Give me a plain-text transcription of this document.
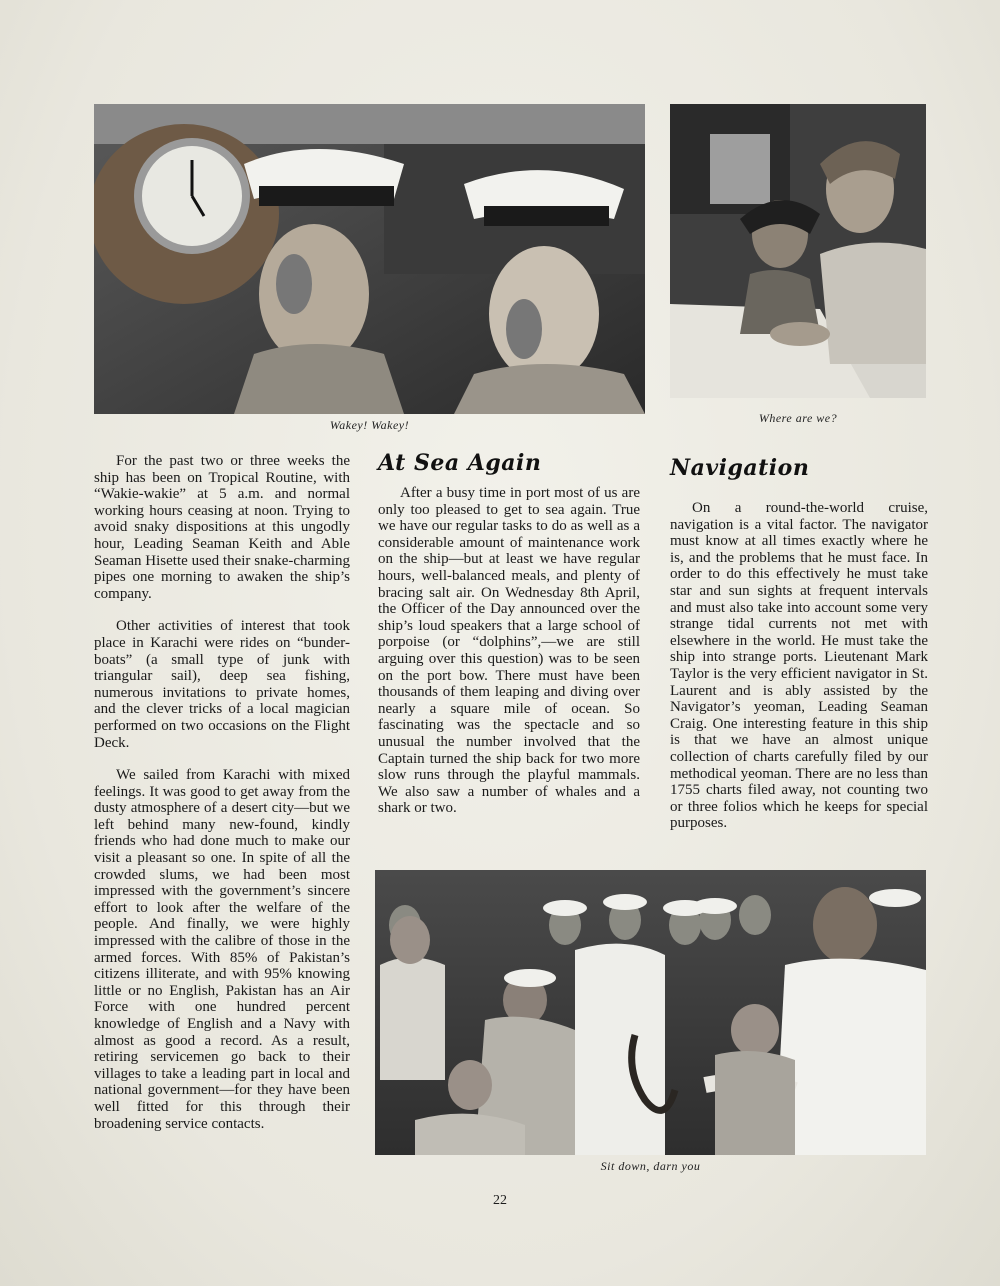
Wakey! Wakey!	Where are we?

For the past two or three weeks the ship has been on Tropical Routine, with “Wakie-wakie” at 5 a.m. and normal working hours ceasing at noon. Trying to avoid snaky dispositions at this ungodly hour, Leading Seaman Keith and Able Seaman Hisette used their snake-charming pipes one morning to awaken the ship’s company.

Other activities of interest that took place in Karachi were rides on “bunder-boats” (a small type of junk with triangular sail), deep sea fishing, numerous invitations to private homes, and the clever tricks of a local magician performed on two occasions on the Flight Deck.

We sailed from Karachi with mixed feelings. It was good to get away from the dusty atmosphere of a desert city—but we left behind many new-found, kindly friends who had done much to make our visit a pleasant so one. In spite of all the crowded slums, we had been most impressed with the government’s sincere effort to look after the welfare of the people. And finally, we were highly impressed with the calibre of those in the armed forces. With 85% of Pakistan’s citizens illiterate, and with 95% knowing little or no English, Pakistan has an Air Force with one hundred percent knowledge of English and a Navy with almost as good a record. As a result, retiring servicemen go back to their villages to take a leading part in local and national government—for they have been well fitted for this through their broadening service contacts.

At Sea Again

After a busy time in port most of us are only too pleased to get to sea again. True we have our regular tasks to do as well as a considerable amount of maintenance work on the ship—but at least we have regular hours, well-balanced meals, and plenty of bracing salt air. On Wednesday 8th April, the Officer of the Day announced over the ship’s loud speakers that a large school of porpoise (or “dolphins”,—we are still arguing over this question) was to be seen on the port bow. There must have been thousands of them leaping and diving over nearly a square mile of ocean. So fascinating was the spectacle and so unusual the number involved that the Captain turned the ship back for two more slow runs through the playful mammals. We also saw a number of whales and a shark or two.

Navigation

On a round-the-world cruise, navigation is a vital factor. The navigator must know at all times exactly where he is, and the problems that he must face. In order to do this effectively he must take star and sun sights at frequent intervals and must also take into account some very strange tidal currents not met with elsewhere in the world. He must take the ship into strange ports. Lieutenant Mark Taylor is the very efficient navigator in St. Laurent and is ably assisted by the Navigator’s yeoman, Leading Seaman Craig. One interesting feature in this ship is that we have an almost unique collection of charts carefully filed by our methodical yeoman. There are no less than 1755 charts filed away, not counting two or three folios which he keeps for special purposes.

Sit down, darn you
22
